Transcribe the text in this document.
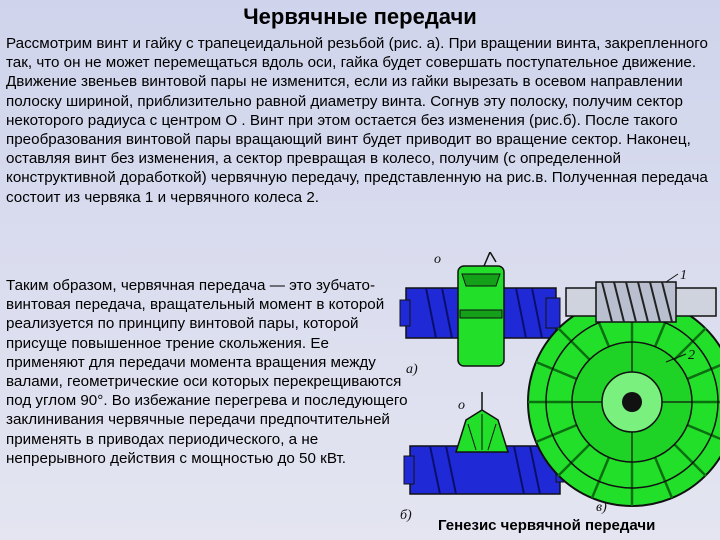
Червячные передачи

Рассмотрим винт и гайку с трапецеидальной резьбой (рис. а). При вращении винта, закрепленного так, что он не может перемещаться вдоль оси, гайка будет совершать поступательное движение. Движение звеньев винтовой пары не изменится, если из гайки вырезать в осевом направлении полоску шириной, приблизительно равной диаметру винта. Согнув эту полоску, получим сектор некоторого радиуса с центром О . Винт при этом остается без изменения (рис.б). После такого преобразования винтовой пары вращающий винт будет приводит во вращение сектор. Наконец, оставляя винт без изменения, а сектор превращая в колесо, получим (с определенной конструктивной доработкой) червячную передачу, представленную на рис.в. Полученная передача состоит из червяка 1 и червячного колеса 2.

Таким образом, червячная передача — это зубчато-винтовая передача, вращательный момент в которой реализуется по принципу винтовой пары, которой присуще повышенное трение скольжения. Ее применяют для передачи момента вращения между валами, геометрические оси которых перекрещиваются под углом 90°. Во избежание перегрева и последующего заклинивания червячные передачи предпочтительней применять в приводах периодического, а не непрерывного действия с мощностью до 50 кВт.

о
а)
о
б)
1
2
в)
Генезис червячной передачи
